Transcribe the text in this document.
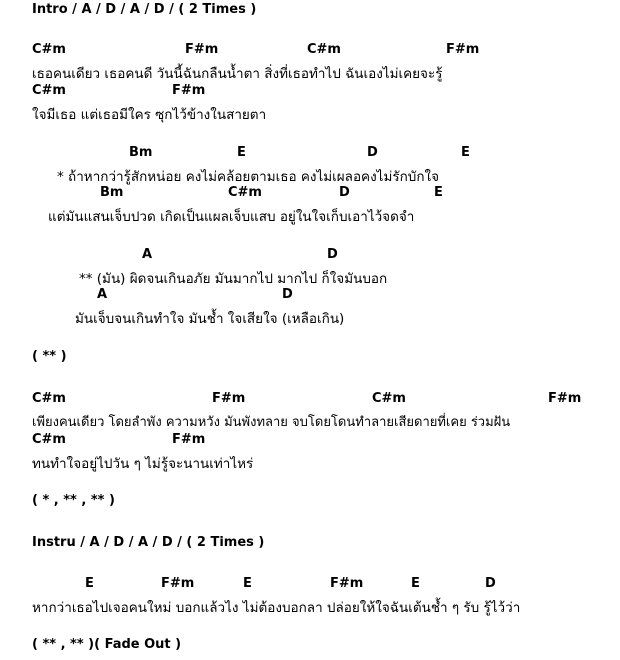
Intro / A / D / A / D / ( 2 Times )

C#m	F#m	C#m	F#m

เธอคนเดียว เธอคนดี วันนี้ฉันกลืนน้ำตา สิ่งที่เธอทำไป ฉันเองไม่เคยจะรู้

C#m	F#m

ใจมีเธอ แต่เธอมีใคร ซุกไว้ข้างในสายตา

Bm	E	D	E

* ถ้าหากว่ารู้สักหน่อย คงไม่คล้อยตามเธอ คงไม่เผลอคงไม่รักบักใจ

Bm	C#m	D	E

แต่มันแสนเจ็บปวด เกิดเป็นแผลเจ็บแสบ อยู่ในใจเก็บเอาไว้จดจำ

A	D

** (มัน) ผิดจนเกินอภัย มันมากไป มากไป ก็ใจมันบอก

A	D

มันเจ็บจนเกินทำใจ มันช้ำ ใจเสียใจ (เหลือเกิน)

( ** )

C#m	F#m	C#m	F#m

เพียงคนเดียว โดยลำพัง ความหวัง มันพังทลาย จบโดยโดนทำลายเสียดายที่เคย ร่วมฝัน

C#m	F#m

ทนทำใจอยู่ไปวัน ๆ ไม่รู้จะนานเท่าไหร่

( * , ** , ** )

Instru / A / D / A / D / ( 2 Times )

E	F#m	E	F#m	E	D

หากว่าเธอไปเจอคนใหม่ บอกแล้วไง ไม่ต้องบอกลา ปล่อยให้ใจฉันเต้นช้ำ ๆ รับ รู้ไว้ว่า

( ** , ** )( Fade Out )
